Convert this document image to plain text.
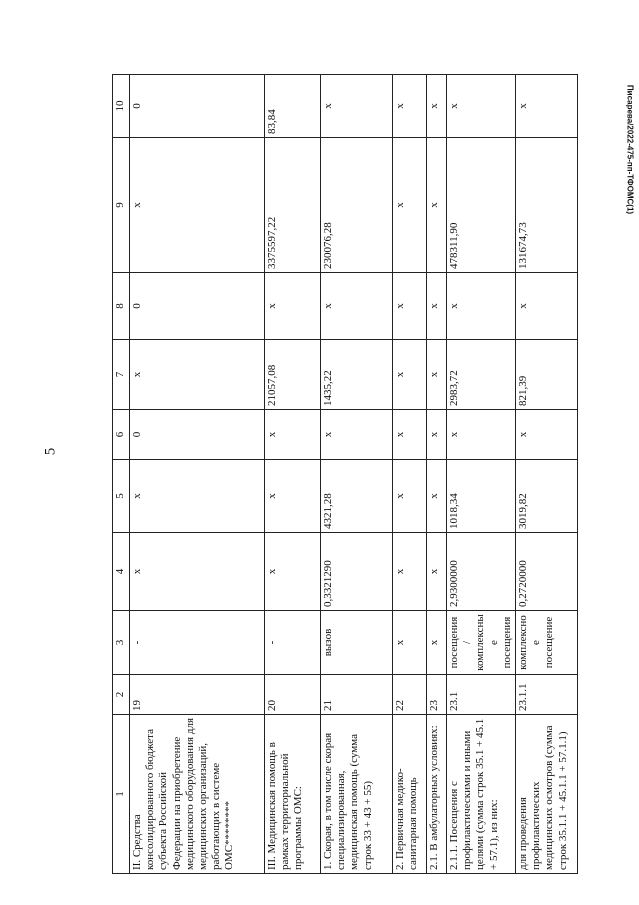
5
Писарева/2022-475-пп-ТФОМС(1)
1	2	3	4	5	6	7	8	9	10
II. Средства консолидированного бюджета субъекта Российской Федерации на приобретение медицинского оборудования для медицинских организаций, работающих в системе ОМС********	19	-	x	x	0	x	0	x	0
III. Медицинская помощь в рамках территориальной программы ОМС:	20	-	x	x	x	21057,08	x	3375597,22	83,84
1. Скорая, в том числе скорая специализированная, медицинская помощь (сумма строк 33 + 43 + 55)	21	вызов	0,3321290	4321,28	x	1435,22	x	230076,28	x
2. Первичная медико-санитарная помощь	22	x	x	x	x	x	x	x	x
2.1. В амбулаторных условиях:	23	x	x	x	x	x	x	x	x
2.1.1. Посещения с профилактическими и иными целями (сумма строк 35.1 + 45.1 + 57.1), из них:	23.1	посещения / комплексные посещения	2,9300000	1018,34	x	2983,72	x	478311,90	x
для проведения профилактических медицинских осмотров (сумма строк 35.1.1 + 45.1.1 + 57.1.1)	23.1.1	комплексное посещение	0,2720000	3019,82	x	821,39	x	131674,73	x
